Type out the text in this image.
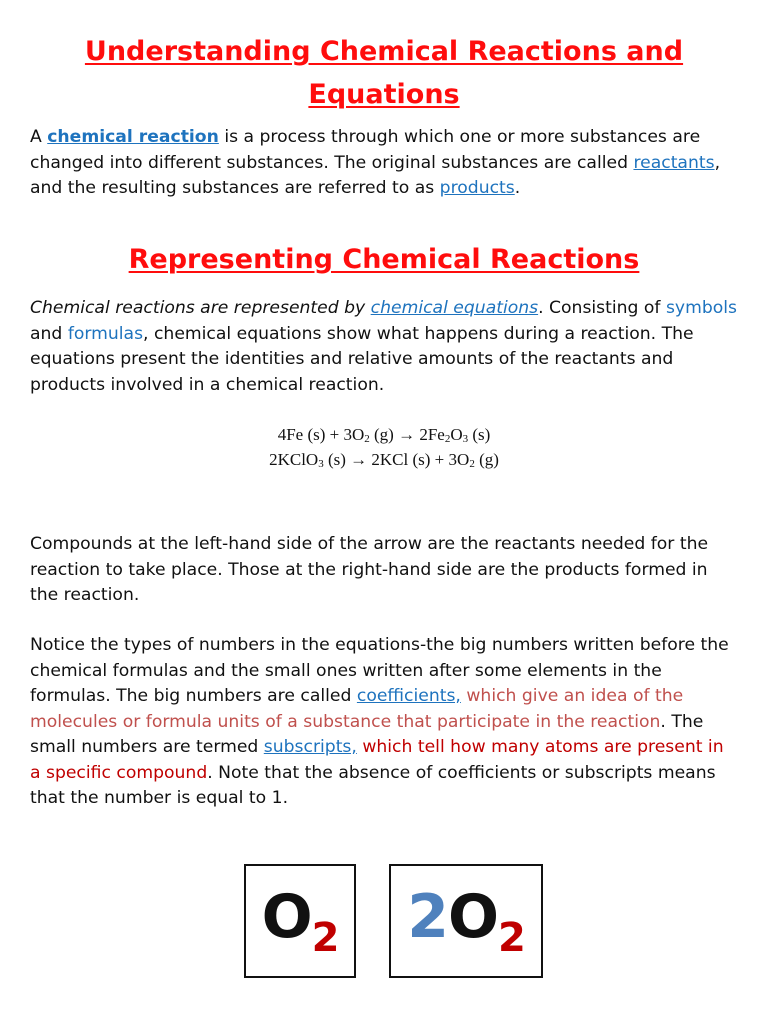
Understanding Chemical Reactions and Equations

A chemical reaction is a process through which one or more substances are changed into different substances. The original substances are called reactants, and the resulting substances are referred to as products.

Representing Chemical Reactions

Chemical reactions are represented by chemical equations. Consisting of symbols and formulas, chemical equations show what happens during a reaction. The equations present the identities and relative amounts of the reactants and products involved in a chemical reaction.

4Fe $(s) + 3O_2$ $(g) \to 2Fe_2O_3$ (s)

2KClO$_3$ (s) → 2KCl $(s) + 3O_2$ (g)

Compounds at the left-hand side of the arrow are the reactants needed for the reaction to take place. Those at the right-hand side are the products formed in the reaction.

Notice the types of numbers in the equations-the big numbers written before the chemical formulas and the small ones written after some elements in the formulas. The big numbers are called coefficients, which give an idea of the molecules or formula units of a substance that participate in the reaction. The small numbers are termed subscripts, which tell how many atoms are present in a specific compound. Note that the absence of coefficients or subscripts means that the number is equal to 1.

$O_2$ $2O_2$
